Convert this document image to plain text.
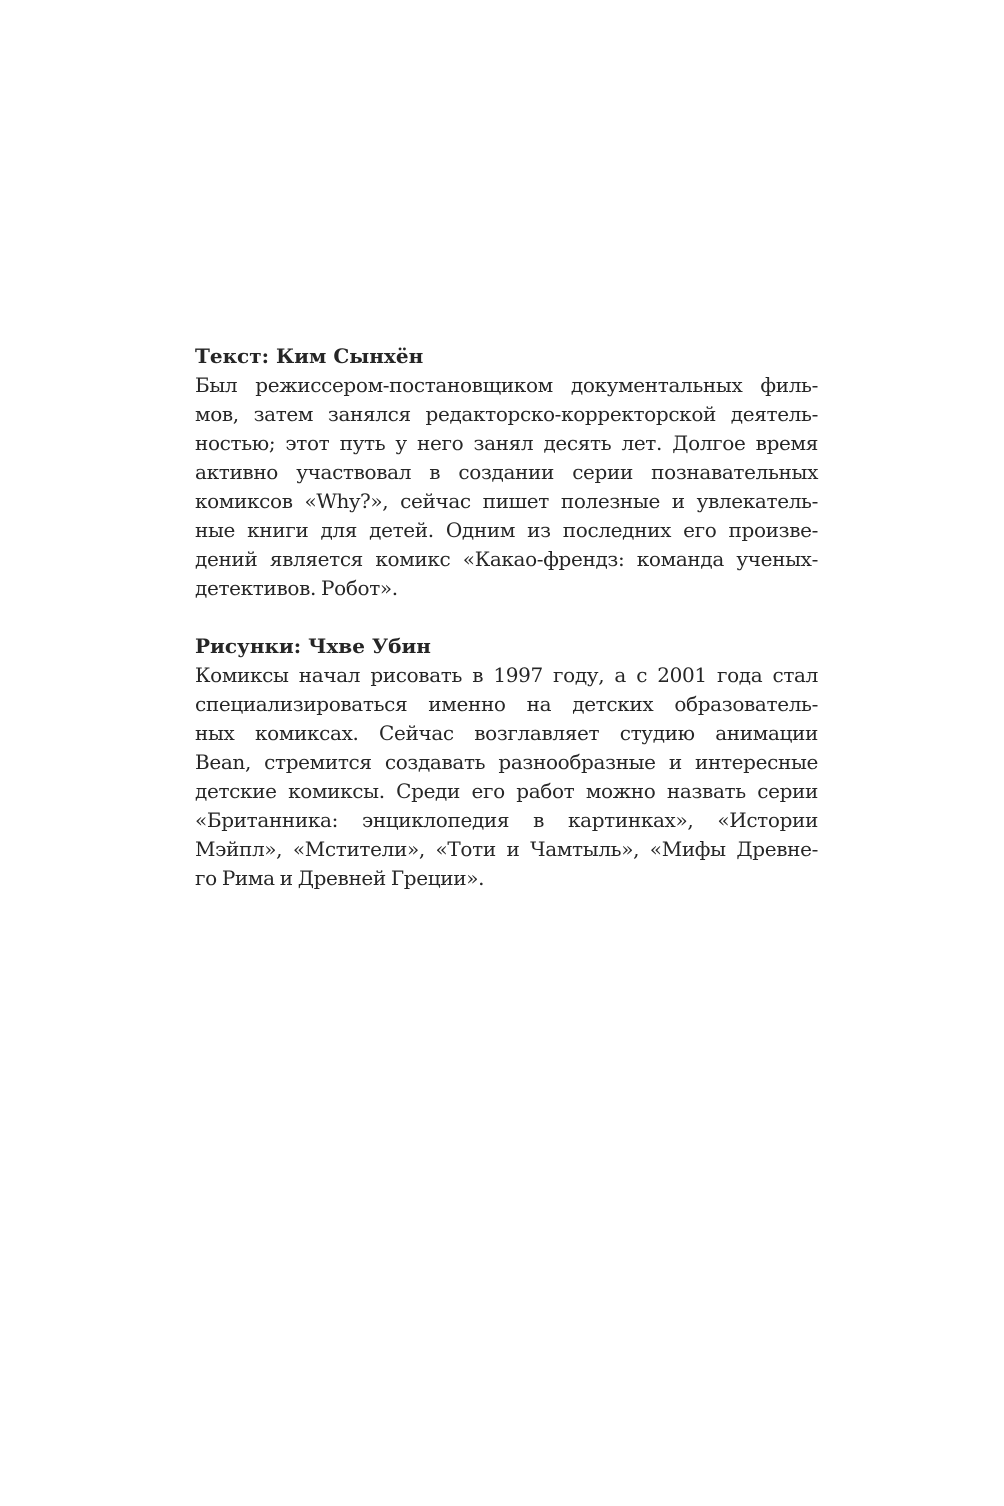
Текст: Ким Сынхён

Был режиссером-постановщиком документальных филь-
мов, затем занялся редакторско-корректорской деятель-
ностью; этот путь у него занял десять лет. Долгое время
активно участвовал в создании серии познавательных
комиксов «Why?», сейчас пишет полезные и увлекатель-
ные книги для детей. Одним из последних его произве-
дений является комикс «Какао-френдз: команда ученых-
детективов. Робот».

Рисунки: Чхве Убин

Комиксы начал рисовать в 1997 году, а с 2001 года стал
специализироваться именно на детских образователь-
ных комиксах. Сейчас возглавляет студию анимации
Bean, стремится создавать разнообразные и интересные
детские комиксы. Среди его работ можно назвать серии
«Британника: энциклопедия в картинках», «Истории
Мэйпл», «Мстители», «Тоти и Чамтыль», «Мифы Древне-
го Рима и Древней Греции».
